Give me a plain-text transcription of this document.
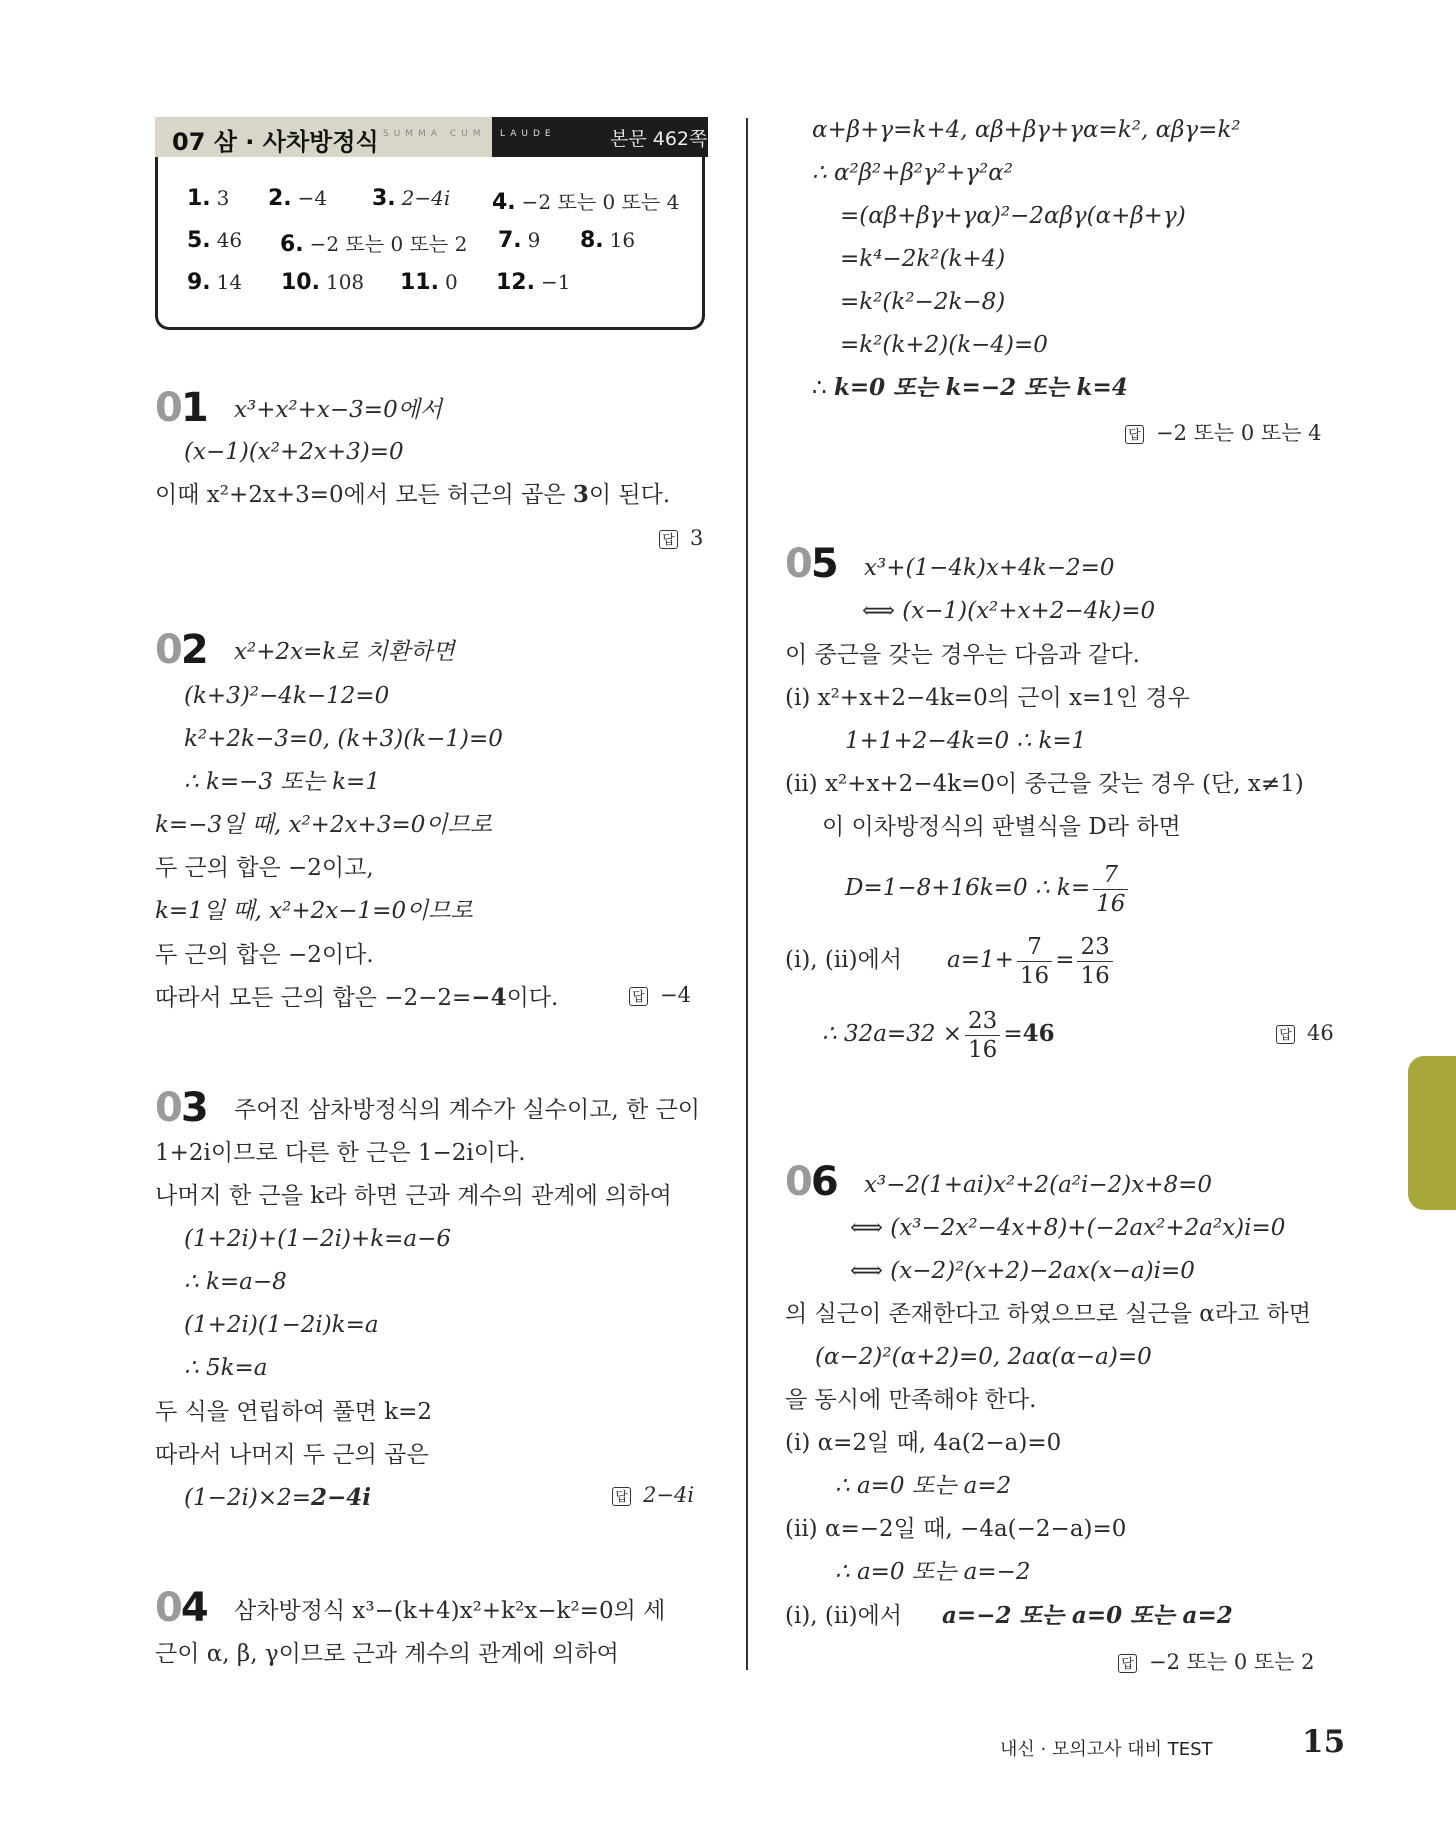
07 삼 · 사차방정식 SUMMA CUM LAUDE	본문 462쪽
1. 3 2. −4 3. 2−4i 4. −2 또는 0 또는 4
5. 46 6. −2 또는 0 또는 2 7. 9 8. 16
9. 14 10. 108 11. 0 12. −1
01 x³+x²+x−3=0에서
(x−1)(x²+2x+3)=0
이때 x²+2x+3=0에서 모든 허근의 곱은 3이 된다.
답 3
02 x²+2x=k로 치환하면
(k+3)²−4k−12=0
k²+2k−3=0, (k+3)(k−1)=0
∴ k=−3 또는 k=1
k=−3일 때, x²+2x+3=0이므로
두 근의 합은 −2이고,
k=1일 때, x²+2x−1=0이므로
두 근의 합은 −2이다.
따라서 모든 근의 합은 −2−2=−4이다.	답 −4
03 주어진 삼차방정식의 계수가 실수이고, 한 근이
1+2i이므로 다른 한 근은 1−2i이다.
나머지 한 근을 k라 하면 근과 계수의 관계에 의하여
(1+2i)+(1−2i)+k=a−6
∴ k=a−8
(1+2i)(1−2i)k=a
∴ 5k=a
두 식을 연립하여 풀면 k=2
따라서 나머지 두 근의 곱은
(1−2i)×2=2−4i	답 2−4i
04 삼차방정식 x³−(k+4)x²+k²x−k²=0의 세
근이 α, β, γ이므로 근과 계수의 관계에 의하여
α+β+γ=k+4, αβ+βγ+γα=k², αβγ=k²
∴ α²β²+β²γ²+γ²α²
=(αβ+βγ+γα)²−2αβγ(α+β+γ)
=k⁴−2k²(k+4)
=k²(k²−2k−8)
=k²(k+2)(k−4)=0
∴ k=0 또는 k=−2 또는 k=4
답 −2 또는 0 또는 4
05 x³+(1−4k)x+4k−2=0
⟺ (x−1)(x²+x+2−4k)=0
이 중근을 갖는 경우는 다음과 같다.
(i) x²+x+2−4k=0의 근이 x=1인 경우
1+1+2−4k=0 ∴ k=1
(ii) x²+x+2−4k=0이 중근을 갖는 경우 (단, x≠1)
이 이차방정식의 판별식을 D라 하면
D=1−8+16k=0 ∴ $k= \frac{7}{16}$
(i), (ii)에서 $a=1+ \frac{7}{16} = \frac{23}{16}$
∴ $32a=32 \times \frac{23}{16} =46$	답 46
06 x³−2(1+ai)x²+2(a²i−2)x+8=0
⟺ (x³−2x²−4x+8)+(−2ax²+2a²x)i=0
⟺ (x−2)²(x+2)−2ax(x−a)i=0
의 실근이 존재한다고 하였으므로 실근을 α라고 하면
(α−2)²(α+2)=0, 2aα(α−a)=0
을 동시에 만족해야 한다.
(i) α=2일 때, 4a(2−a)=0
∴ a=0 또는 a=2
(ii) α=−2일 때, −4a(−2−a)=0
∴ a=0 또는 a=−2
(i), (ii)에서 a=−2 또는 a=0 또는 a=2
답 −2 또는 0 또는 2
내신 · 모의고사 대비 TEST	15
